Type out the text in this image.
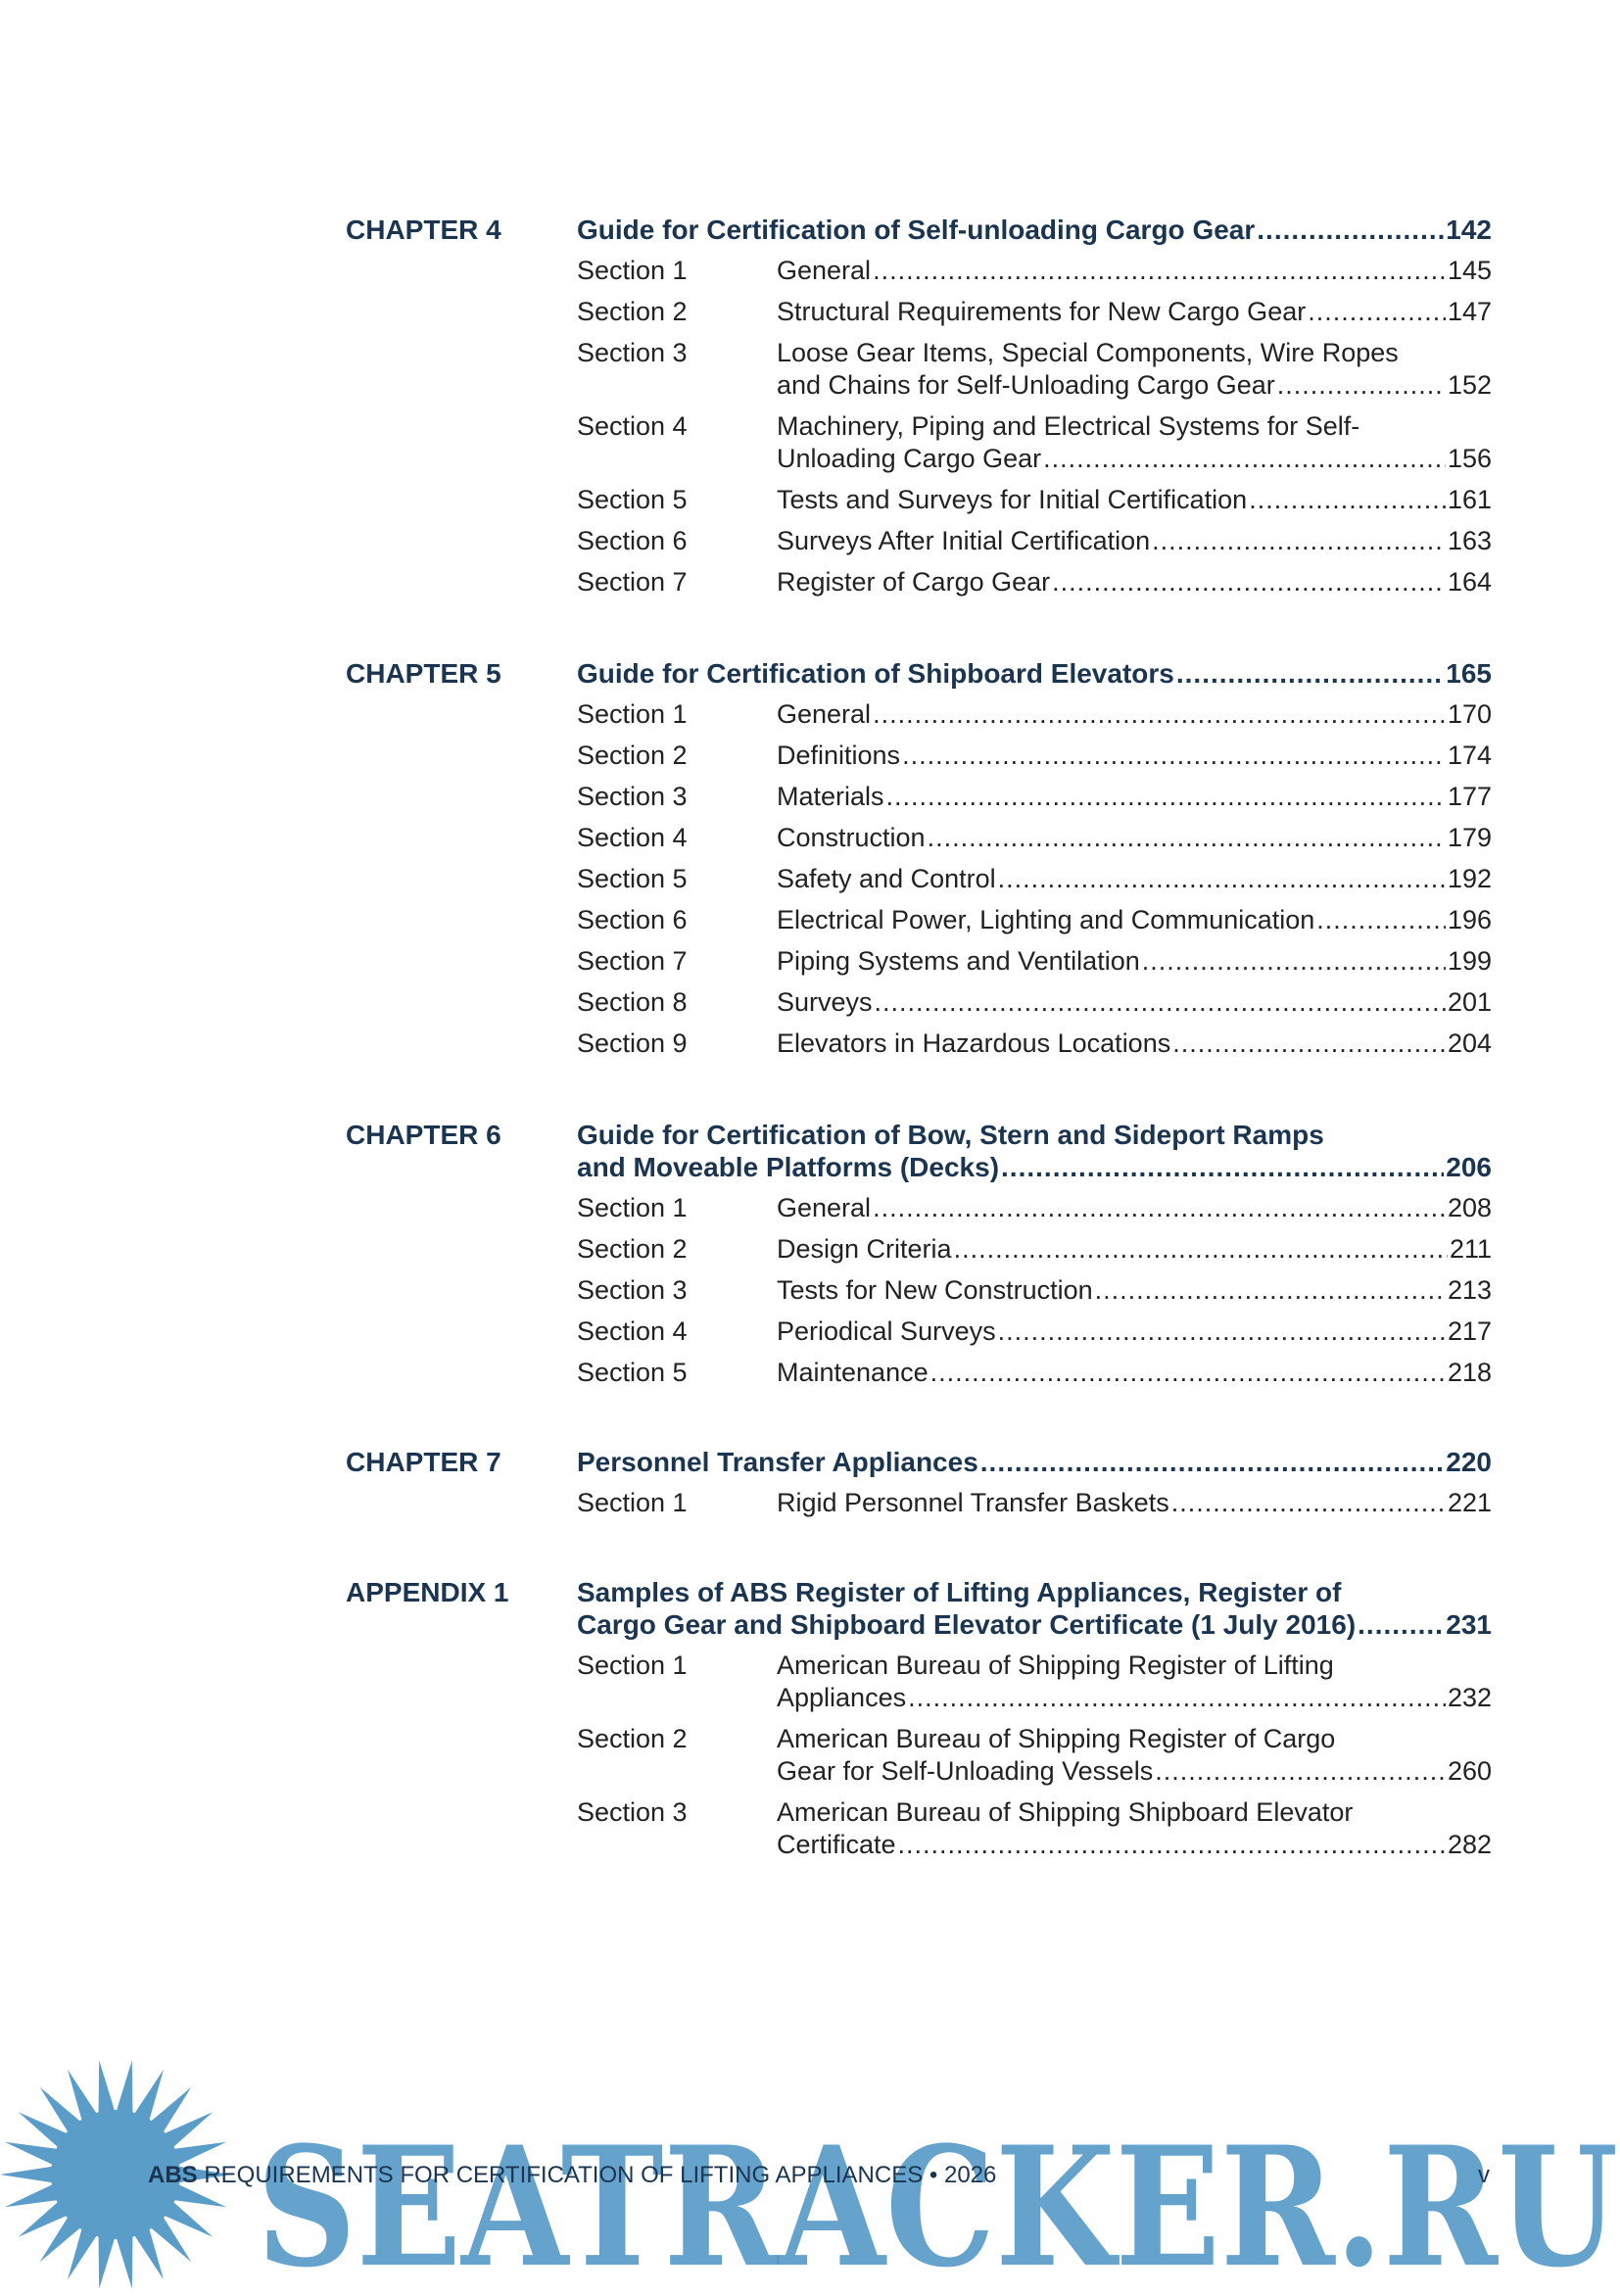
CHAPTER 4	Guide for Certification of Self-unloading Cargo Gear .....	142
Section 1	General .....	145
Section 2	Structural Requirements for New Cargo Gear .....	147
Section 3	Loose Gear Items, Special Components, Wire Ropes
and Chains for Self-Unloading Cargo Gear .....	152
Section 4	Machinery, Piping and Electrical Systems for Self-
Unloading Cargo Gear .....	156
Section 5	Tests and Surveys for Initial Certification .....	161
Section 6	Surveys After Initial Certification .....	163
Section 7	Register of Cargo Gear .....	164
CHAPTER 5	Guide for Certification of Shipboard Elevators .....	165
Section 1	General .....	170
Section 2	Definitions .....	174
Section 3	Materials .....	177
Section 4	Construction .....	179
Section 5	Safety and Control .....	192
Section 6	Electrical Power, Lighting and Communication .....	196
Section 7	Piping Systems and Ventilation .....	199
Section 8	Surveys .....	201
Section 9	Elevators in Hazardous Locations .....	204
CHAPTER 6	Guide for Certification of Bow, Stern and Sideport Ramps
and Moveable Platforms (Decks) .....	206
Section 1	General .....	208
Section 2	Design Criteria .....	211
Section 3	Tests for New Construction .....	213
Section 4	Periodical Surveys .....	217
Section 5	Maintenance .....	218
CHAPTER 7	Personnel Transfer Appliances .....	220
Section 1	Rigid Personnel Transfer Baskets .....	221
APPENDIX 1 Samples of ABS Register of Lifting Appliances, Register of
Cargo Gear and Shipboard Elevator Certificate (1 July 2016) .....	231
Section 1	American Bureau of Shipping Register of Lifting
Appliances .....	232
Section 2	American Bureau of Shipping Register of Cargo
Gear for Self-Unloading Vessels .....	260
Section 3	American Bureau of Shipping Shipboard Elevator
Certificate .....	282
SEATRACKER.RU
ABS REQUIREMENTS FOR CERTIFICATION OF LIFTING APPLIANCES • 2026	v
